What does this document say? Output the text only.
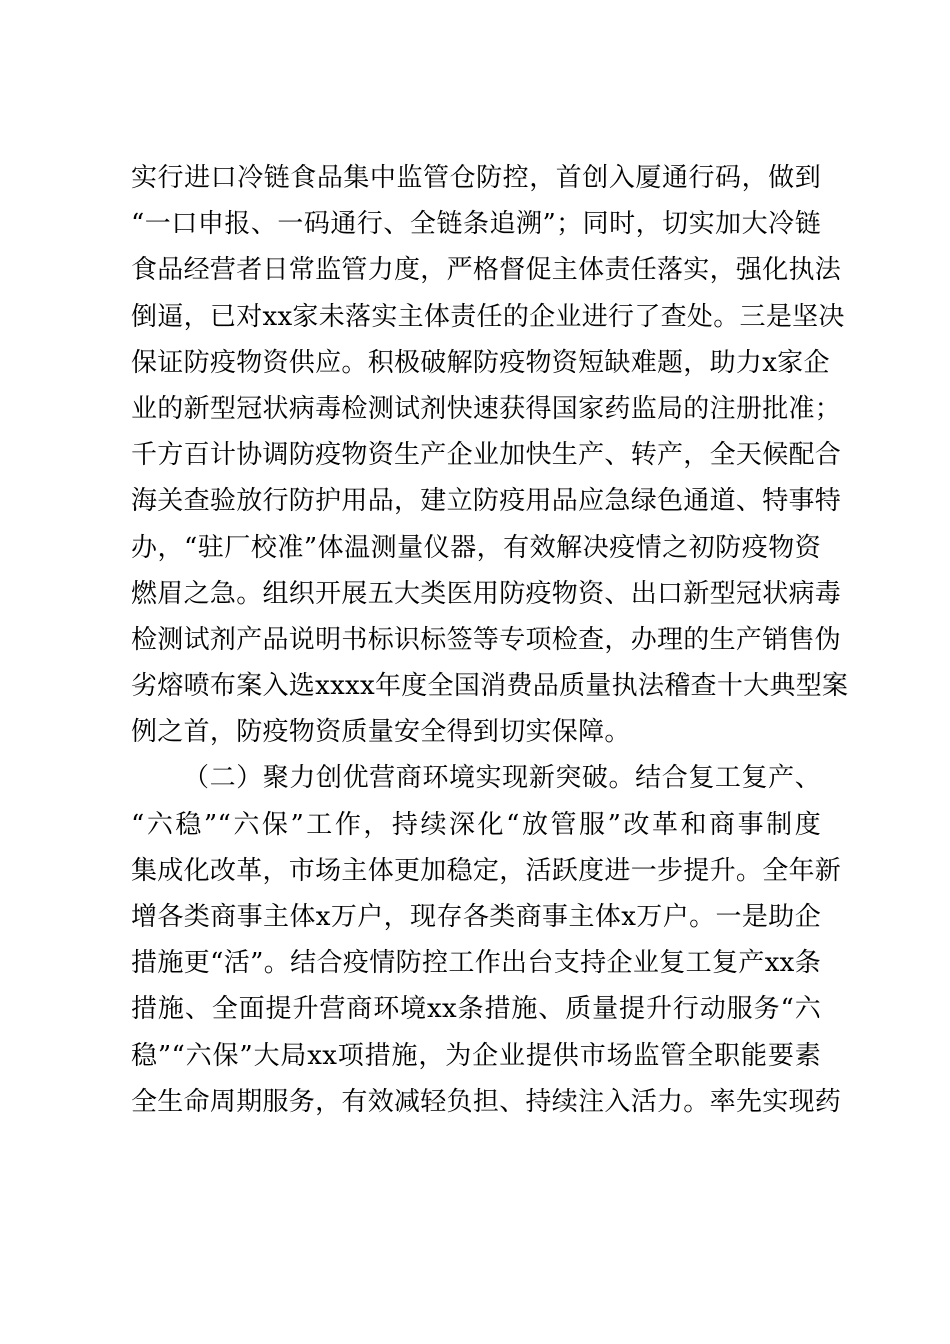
实行进口冷链食品集中监管仓防控，首创入厦通行码，做到
“一口申报、一码通行、全链条追溯”；同时，切实加大冷链
食品经营者日常监管力度，严格督促主体责任落实，强化执法
倒逼，已对xx家未落实主体责任的企业进行了查处。三是坚决
保证防疫物资供应。积极破解防疫物资短缺难题，助力x家企
业的新型冠状病毒检测试剂快速获得国家药监局的注册批准；
千方百计协调防疫物资生产企业加快生产、转产，全天候配合
海关查验放行防护用品，建立防疫用品应急绿色通道、特事特
办，“驻厂校准”体温测量仪器，有效解决疫情之初防疫物资
燃眉之急。组织开展五大类医用防疫物资、出口新型冠状病毒
检测试剂产品说明书标识标签等专项检查，办理的生产销售伪
劣熔喷布案入选xxxx年度全国消费品质量执法稽查十大典型案
例之首，防疫物资质量安全得到切实保障。
（二）聚力创优营商环境实现新突破。结合复工复产、
“六稳”“六保”工作，持续深化“放管服”改革和商事制度
集成化改革，市场主体更加稳定，活跃度进一步提升。全年新
增各类商事主体x万户，现存各类商事主体x万户。一是助企
措施更“活”。结合疫情防控工作出台支持企业复工复产xx条
措施、全面提升营商环境xx条措施、质量提升行动服务“六
稳”“六保”大局xx项措施，为企业提供市场监管全职能要素
全生命周期服务，有效减轻负担、持续注入活力。率先实现药
